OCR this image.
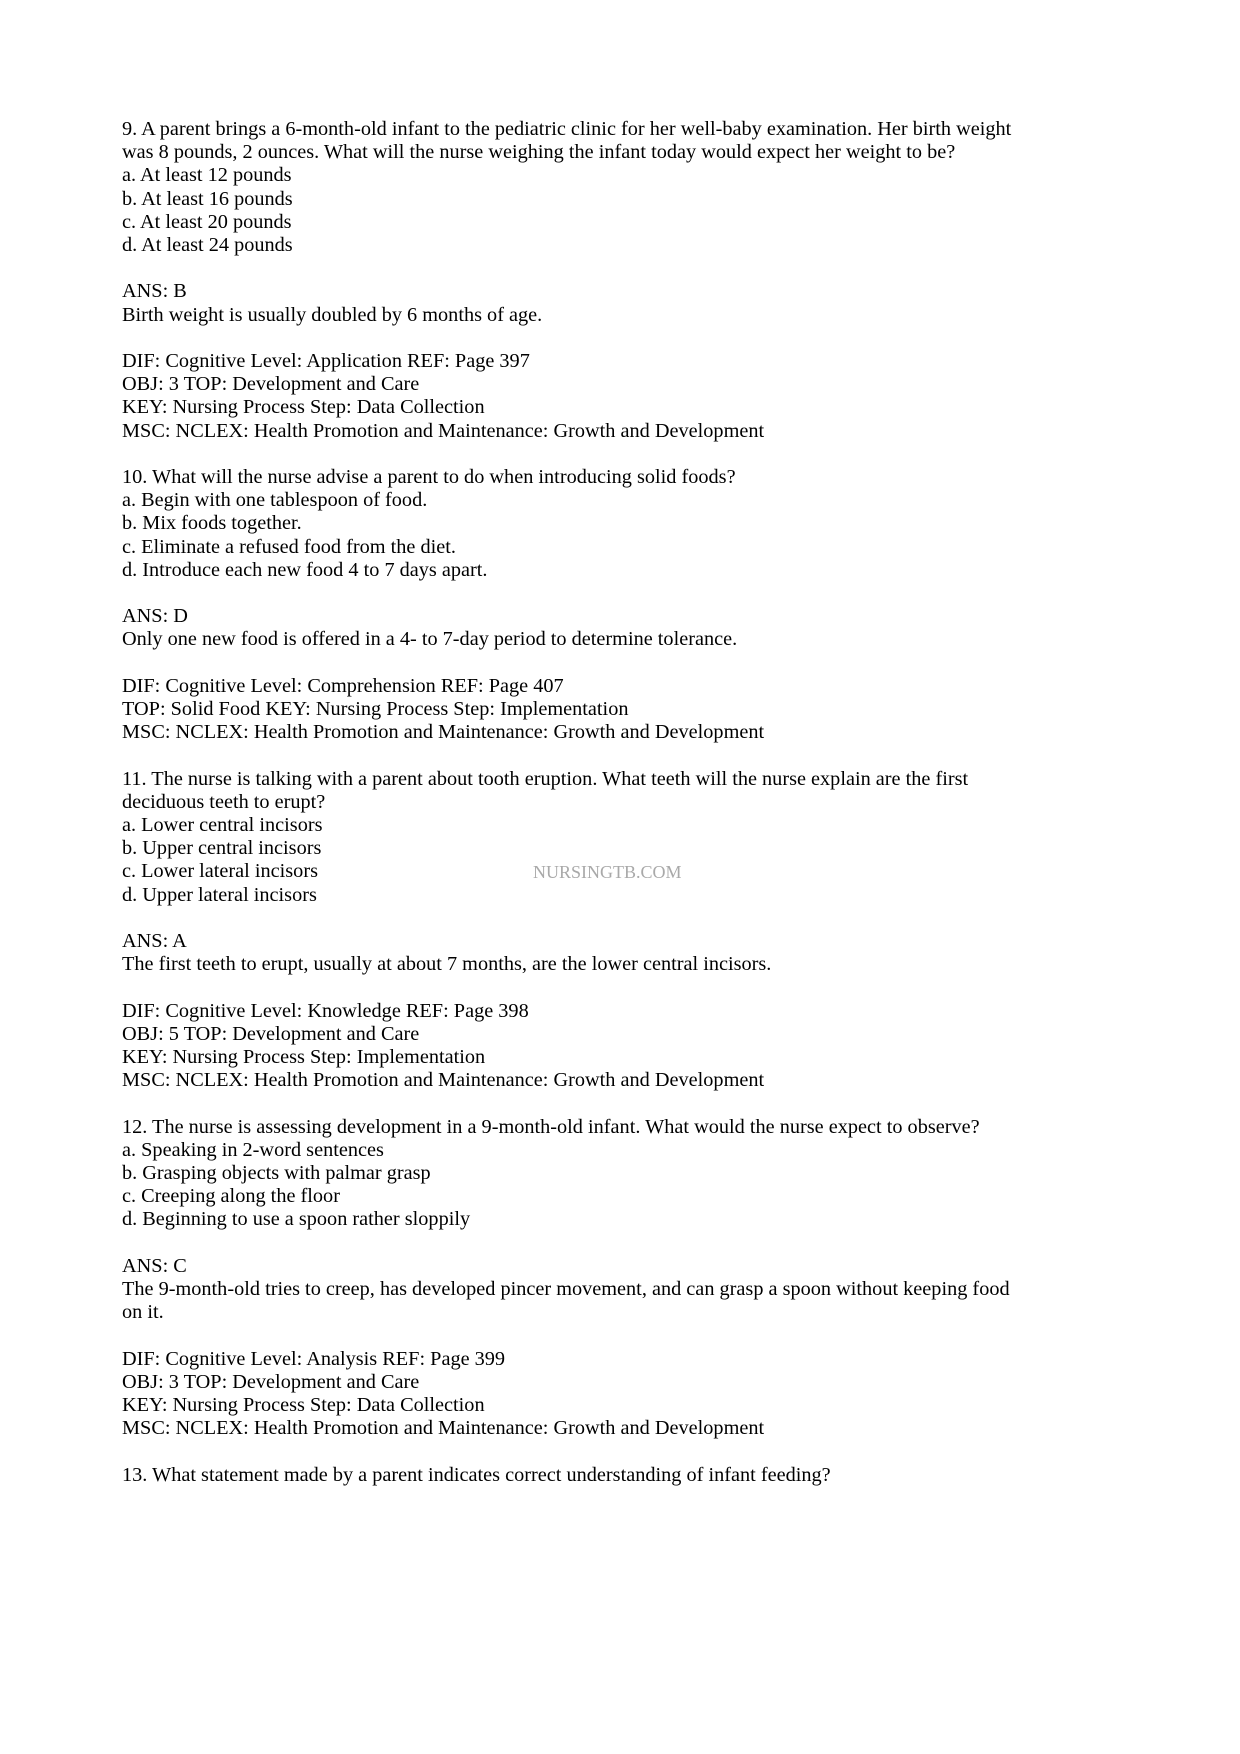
9. A parent brings a 6-month-old infant to the pediatric clinic for her well-baby examination. Her birth weight
was 8 pounds, 2 ounces. What will the nurse weighing the infant today would expect her weight to be?
a. At least 12 pounds
b. At least 16 pounds
c. At least 20 pounds
d. At least 24 pounds
ANS: B
Birth weight is usually doubled by 6 months of age.
DIF: Cognitive Level: Application REF: Page 397
OBJ: 3 TOP: Development and Care
KEY: Nursing Process Step: Data Collection
MSC: NCLEX: Health Promotion and Maintenance: Growth and Development
10. What will the nurse advise a parent to do when introducing solid foods?
a. Begin with one tablespoon of food.
b. Mix foods together.
c. Eliminate a refused food from the diet.
d. Introduce each new food 4 to 7 days apart.
ANS: D
Only one new food is offered in a 4- to 7-day period to determine tolerance.
DIF: Cognitive Level: Comprehension REF: Page 407
TOP: Solid Food KEY: Nursing Process Step: Implementation
MSC: NCLEX: Health Promotion and Maintenance: Growth and Development
11. The nurse is talking with a parent about tooth eruption. What teeth will the nurse explain are the first
deciduous teeth to erupt?
a. Lower central incisors
b. Upper central incisors
c. Lower lateral incisors
d. Upper lateral incisors
ANS: A
The first teeth to erupt, usually at about 7 months, are the lower central incisors.
DIF: Cognitive Level: Knowledge REF: Page 398
OBJ: 5 TOP: Development and Care
KEY: Nursing Process Step: Implementation
MSC: NCLEX: Health Promotion and Maintenance: Growth and Development
12. The nurse is assessing development in a 9-month-old infant. What would the nurse expect to observe?
a. Speaking in 2-word sentences
b. Grasping objects with palmar grasp
c. Creeping along the floor
d. Beginning to use a spoon rather sloppily
ANS: C
The 9-month-old tries to creep, has developed pincer movement, and can grasp a spoon without keeping food
on it.
DIF: Cognitive Level: Analysis REF: Page 399
OBJ: 3 TOP: Development and Care
KEY: Nursing Process Step: Data Collection
MSC: NCLEX: Health Promotion and Maintenance: Growth and Development
13. What statement made by a parent indicates correct understanding of infant feeding?
NURSINGTB.COM
